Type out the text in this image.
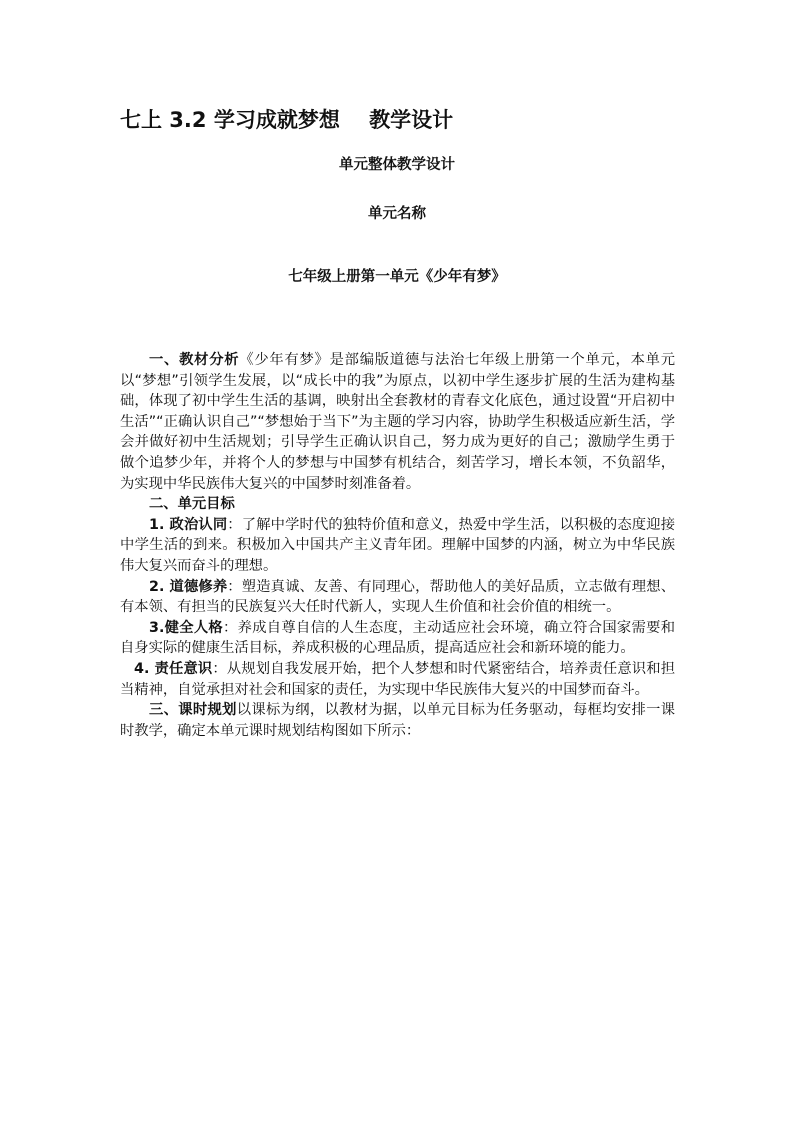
七上 3.2 学习成就梦想    教学设计

单元整体教学设计

单元名称

七年级上册第一单元《少年有梦》

一、教材分析《少年有梦》是部编版道德与法治七年级上册第一个单元，本单元以“梦想”引领学生发展，以“成长中的我”为原点，以初中学生逐步扩展的生活为建构基础，体现了初中学生生活的基调，映射出全套教材的青春文化底色，通过设置“开启初中生活”“正确认识自己”“梦想始于当下”为主题的学习内容，协助学生积极适应新生活，学会并做好初中生活规划；引导学生正确认识自己，努力成为更好的自己；激励学生勇于做个追梦少年，并将个人的梦想与中国梦有机结合，刻苦学习，增长本领，不负韶华，为实现中华民族伟大复兴的中国梦时刻准备着。

二、单元目标

1. 政治认同：了解中学时代的独特价值和意义，热爱中学生活，以积极的态度迎接中学生活的到来。积极加入中国共产主义青年团。理解中国梦的内涵，树立为中华民族伟大复兴而奋斗的理想。

2. 道德修养：塑造真诚、友善、有同理心，帮助他人的美好品质，立志做有理想、有本领、有担当的民族复兴大任时代新人，实现人生价值和社会价值的相统一。

3.健全人格：养成自尊自信的人生态度，主动适应社会环境，确立符合国家需要和自身实际的健康生活目标，养成积极的心理品质，提高适应社会和新环境的能力。

4. 责任意识：从规划自我发展开始，把个人梦想和时代紧密结合，培养责任意识和担当精神，自觉承担对社会和国家的责任，为实现中华民族伟大复兴的中国梦而奋斗。

三、课时规划以课标为纲，以教材为据，以单元目标为任务驱动，每框均安排一课时教学，确定本单元课时规划结构图如下所示：
